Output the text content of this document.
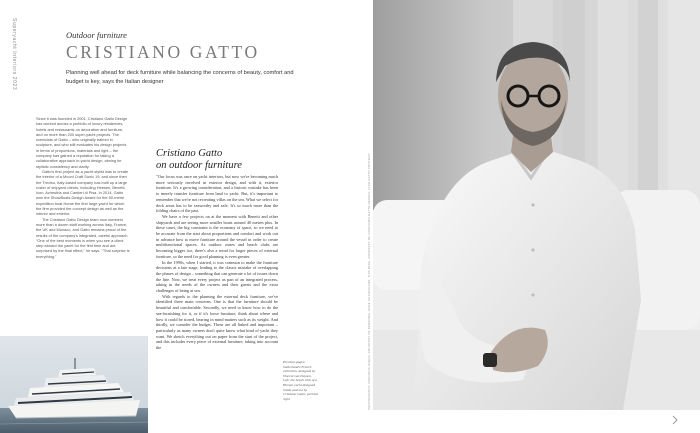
Superyacht Interiors 2023	Outdoor furniture
CRISTIANO GATTO
Planning well ahead for deck furniture while balancing the concerns of beauty, comfort and budget is key, says the Italian designer

Since it was founded in 2001, Cristiano Gatto Design has worked across a portfolio of luxury residences, hotels and restaurants on decoration and furniture, and on more than 200 super-yacht projects. The scenicists of Gatto – who originally trained in sculpture, and who still evaluates his design projects in terms of proportions, materials and light – the company has gained a reputation for taking a collaborative approach to yacht design, aiming for stylistic consistency and clarity.

Gatto's first project as a yacht stylist was to create the interior of a Moonl Craft Sonic 19, and since then the Treviso, Italy-based company has built up a large roster of shipyard clients, including Heesen, Benetti, Icon, Azimutha and Cantieri di Pisa. In 2014, Gatto won the ShowBoats Design Award for the 50-metre expedition boat Home the first large yacht for which the firm provided the concept design as well as the interior and exterior.

The Cristiano Gatto Design team now numbers more than a dozen staff working across Italy, France, the UK and Monaco, and Gatto remains proud of the results of the company's integrated, careful approach. "One of the best moments is when you see a client step aboard the yacht for the first time and are surprised by the final effect," he says. "That surprise is everything."

Cristiano Gatto
on outdoor furniture

"Our focus was once on yacht interiors, but now we're becoming much more seriously involved in exterior design, and with it, exterior furniture. It's a growing consideration, and a historic mistake has been to merely transfer furniture from land to yacht. But, it's important to remember that we're not recreating villas on the sea. What we select for deck areas has to be seaworthy and safe. It's so much more than the folding chairs of the past.

We have a few projects on at the moment with Benetti and other shipyards and are seeing more smaller boats around 40 metres plus. In these cases, the big constraint is the economy of space, so we need to be accurate from the start about proportions and comfort and work out in advance how to move furniture around the vessel in order to create multifunctional spaces. As outdoor zones and beach clubs are becoming bigger too, there's also a trend for larger pieces of external furniture, so the need for good planning is even greater.

In the 1990s, when I started, it was common to make the furniture decisions at a late stage, leading to the classic mistake of overlapping the phases of design – something that can generate a lot of issues down the line. Now, we treat every project as part of an integrated process, taking in the needs of the owners and their guests and the extra challenges of being at sea.

With regards to the planning the external deck furniture, we've identified three main concerns. One is that the furniture should be beautiful and comfortable. Secondly, we need to know how to do the sea-furnishing for it, or if it's loose furniture, think about where and how it could be stored, bearing in mind matters such as its weight. And thirdly, we consider the budget. These are all linked and important – particularly as many owners don't quite know what kind of yacht they want. We sketch everything out on paper from the start of the project, and this includes every piece of external furniture, taking into account the

Previous pages: Sutherland's French collection, designed by Vincent van Duysen. Left: the beach club of a Heesen yacht designed inside and out by Cristiano Gatto; portrait right	PHOTOGRAPHY: PREVIOUS PAGES: COURTESY OF PERSONAL SURE SUTHERLAND; THIS PAGE: COURTESY OF CRISTIANO GATTO DESIGN; ALSO GATTO PORTRAIT
